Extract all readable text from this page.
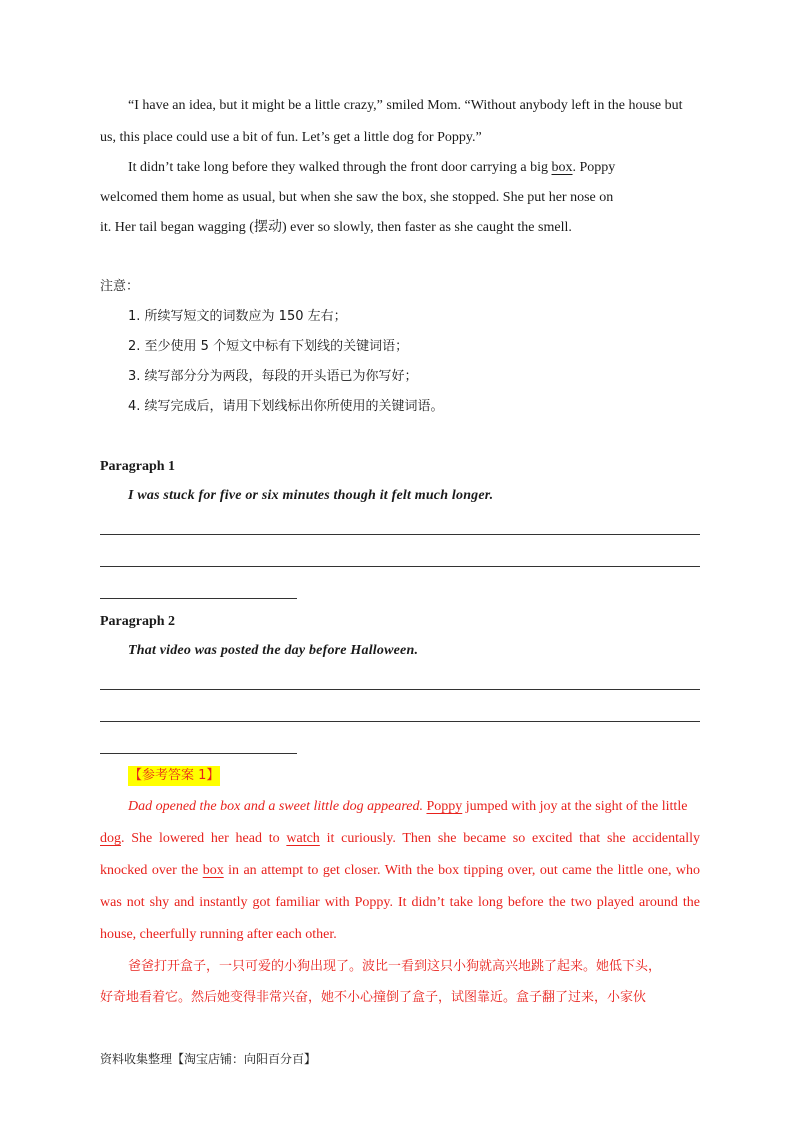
“I have an idea, but it might be a little crazy,” smiled Mom. “Without anybody left in the house but
us, this place could use a bit of fun. Let’s get a little dog for Poppy.”
It didn’t take long before they walked through the front door carrying a big box. Poppy
welcomed them home as usual, but when she saw the box, she stopped. She put her nose on
it. Her tail began wagging (摆动) ever so slowly, then faster as she caught the smell.
注意：
1. 所续写短文的词数应为 150 左右；
2. 至少使用 5 个短文中标有下划线的关键词语；
3. 续写部分分为两段，每段的开头语已为你写好；
4. 续写完成后，请用下划线标出你所使用的关键词语。
Paragraph 1
I was stuck for five or six minutes though it felt much longer.
Paragraph 2
That video was posted the day before Halloween.
【参考答案 1】
Dad opened the box and a sweet little dog appeared. Poppy jumped with joy at the sight of the little
dog. She lowered her head to watch it curiously. Then she became so excited that she accidentally
knocked over the box in an attempt to get closer. With the box tipping over, out came the little one, who
was not shy and instantly got familiar with Poppy. It didn’t take long before the two played around the
house, cheerfully running after each other.
爸爸打开盒子，一只可爱的小狗出现了。波比一看到这只小狗就高兴地跳了起来。她低下头，
好奇地看着它。然后她变得非常兴奋，她不小心撞倒了盒子，试图靠近。盒子翻了过来，小家伙
资料收集整理【淘宝店铺：向阳百分百】
